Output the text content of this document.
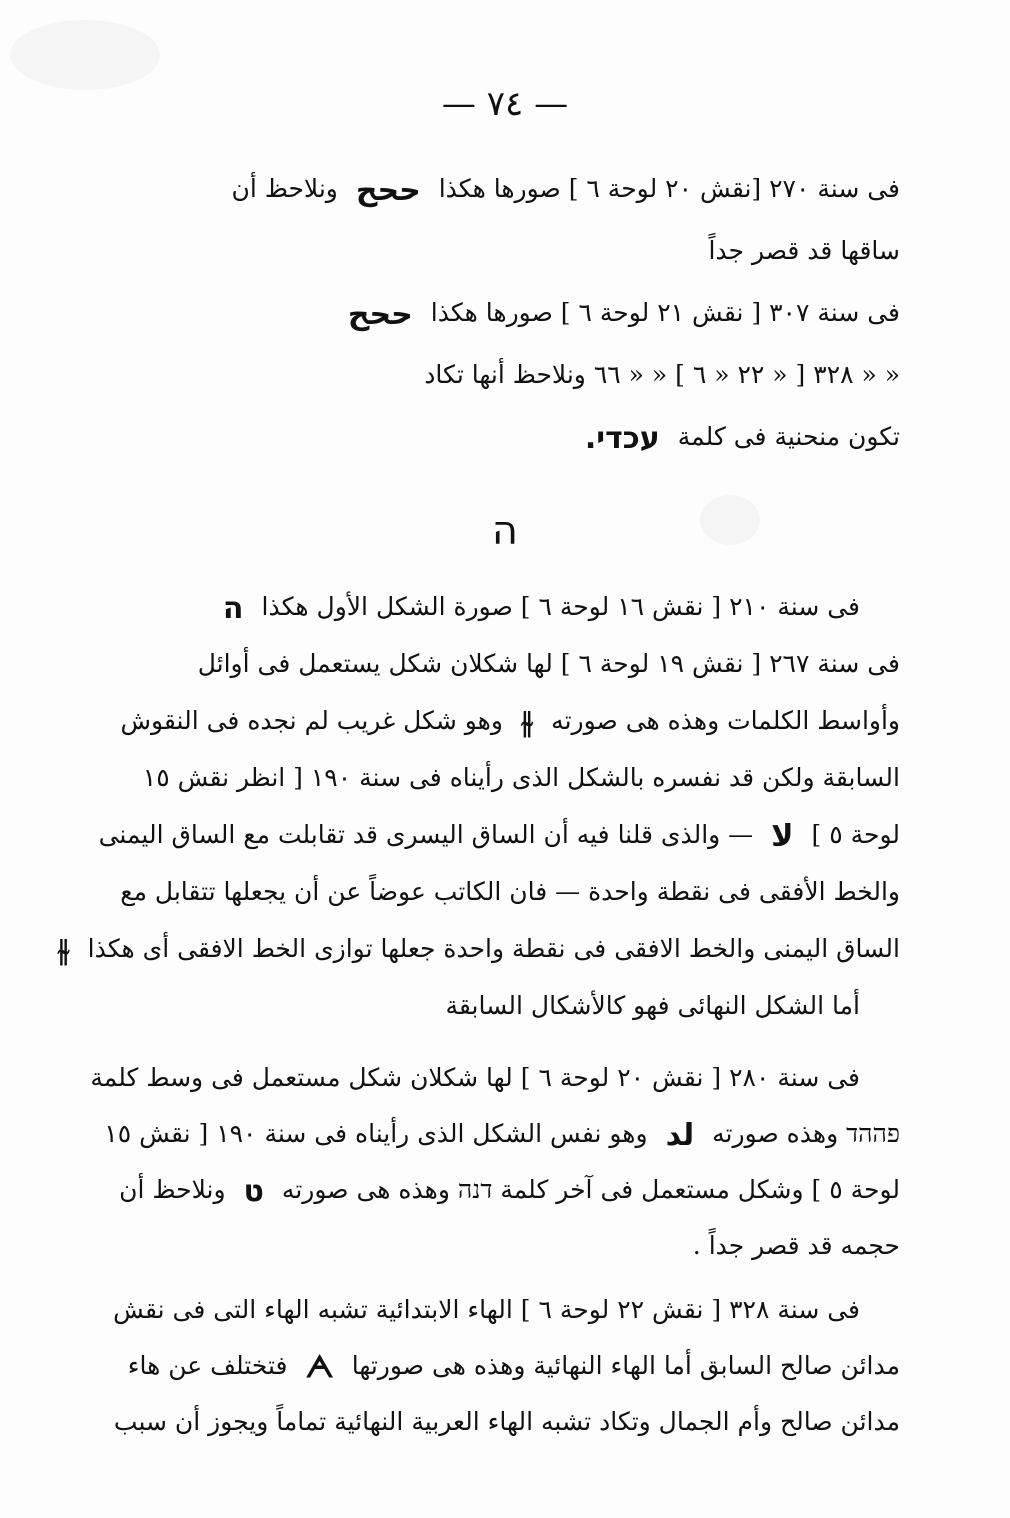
— ٧٤ —
فى سنة ٢٧٠ [نقش ٢٠ لوحة ٦ ] صورها هكذاحححونلاحظ أن
ساقها قد قصر جداً
فى سنة ٣٠٧ [ نقش ٢١ لوحة ٦ ] صورها هكذاححح
« « ٣٢٨ [ « ٢٢ « ٦ ] « « ٦٦ ونلاحظ أنها تكاد
تكون منحنية فى كلمةעכדי.
ה
فى سنة ٢١٠ [ نقش ١٦ لوحة ٦ ] صورة الشكل الأول هكذاה
فى سنة ٢٦٧ [ نقش ١٩ لوحة ٦ ] لها شكلان شكل يستعمل فى أوائل
وأواسط الكلمات وهذه هى صورته⫳وهو شكل غريب لم نجده فى النقوش
السابقة ولكن قد نفسره بالشكل الذى رأيناه فى سنة ١٩٠ [ انظر نقش ١٥
لوحة ٥ ]ﻻ— والذى قلنا فيه أن الساق اليسرى قد تقابلت مع الساق اليمنى
والخط الأفقى فى نقطة واحدة — فان الكاتب عوضاً عن أن يجعلها تتقابل مع
الساق اليمنى والخط الافقى فى نقطة واحدة جعلها توازى الخط الافقى أى هكذا⫳
أما الشكل النهائى فهو كالأشكال السابقة
فى سنة ٢٨٠ [ نقش ٢٠ لوحة ٦ ] لها شكلان شكل مستعمل فى وسط كلمة
פההד وهذه صورتهﻟﺪوهو نفس الشكل الذى رأيناه فى سنة ١٩٠ [ نقش ١٥
لوحة ٥ ] وشكل مستعمل فى آخر كلمة דנה وهذه هى صورتهטونلاحظ أن
حجمه قد قصر جداً .
فى سنة ٣٢٨ [ نقش ٢٢ لوحة ٦ ] الهاء الابتدائية تشبه الهاء التى فى نقش
مدائن صالح السابق أما الهاء النهائية وهذه هى صورتهاᗅفتختلف عن هاء
مدائن صالح وأم الجمال وتكاد تشبه الهاء العربية النهائية تماماً ويجوز أن سبب
